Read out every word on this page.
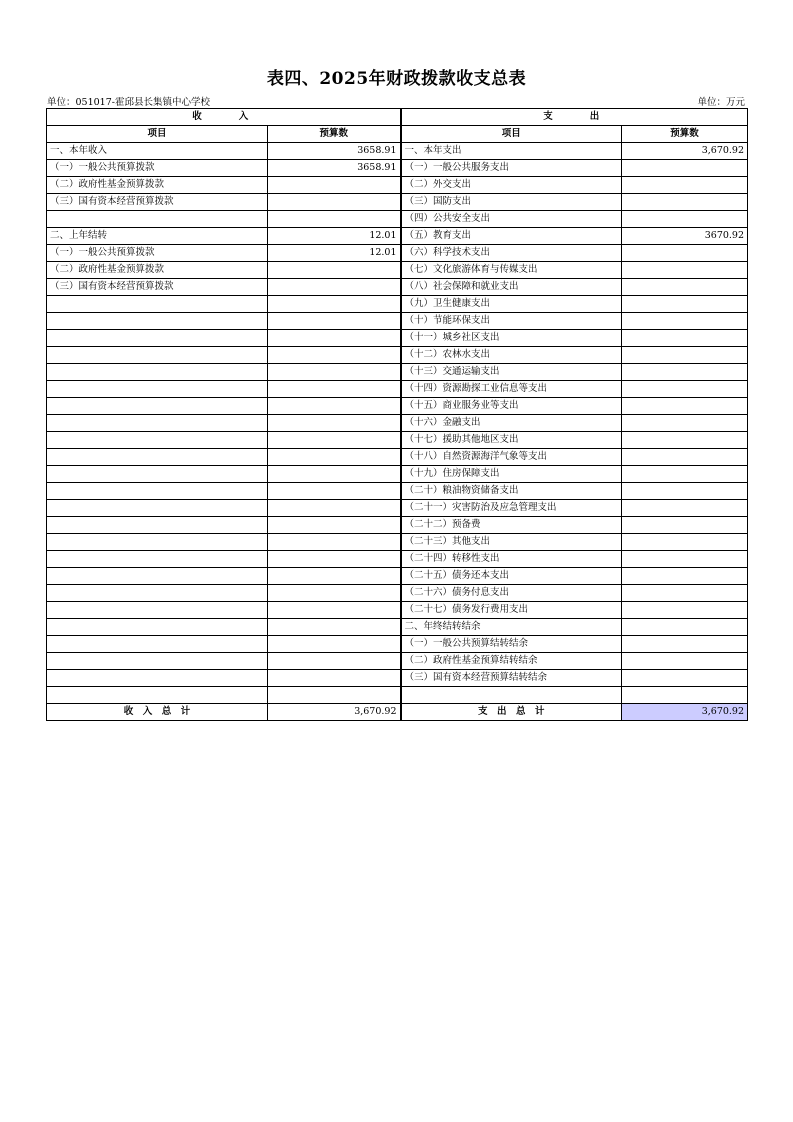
表四、2025年财政拨款收支总表
单位：051017-霍邱县长集镇中心学校	单位：万元
收　　入		支　　出	
项目	预算数	项目	预算数
一、本年收入	3658.91	一、本年支出	3,670.92
（一）一般公共预算拨款	3658.91	（一）一般公共服务支出	
（二）政府性基金预算拨款		（二）外交支出	
（三）国有资本经营预算拨款		（三）国防支出	
		（四）公共安全支出	
二、上年结转	12.01	（五）教育支出	3670.92
（一）一般公共预算拨款	12.01	（六）科学技术支出	
（二）政府性基金预算拨款		（七）文化旅游体育与传媒支出	
（三）国有资本经营预算拨款		（八）社会保障和就业支出	
		（九）卫生健康支出	
		（十）节能环保支出	
		（十一）城乡社区支出	
		（十二）农林水支出	
		（十三）交通运输支出	
		（十四）资源勘探工业信息等支出	
		（十五）商业服务业等支出	
		（十六）金融支出	
		（十七）援助其他地区支出	
		（十八）自然资源海洋气象等支出	
		（十九）住房保障支出	
		（二十）粮油物资储备支出	
		（二十一）灾害防治及应急管理支出	
		（二十二）预备费	
		（二十三）其他支出	
		（二十四）转移性支出	
		（二十五）债务还本支出	
		（二十六）债务付息支出	
		（二十七）债务发行费用支出	
		二、年终结转结余	
		（一）一般公共预算结转结余	
		（二）政府性基金预算结转结余	
		（三）国有资本经营预算结转结余	

收　入　总　计	3,670.92	支　出　总　计	3,670.92
